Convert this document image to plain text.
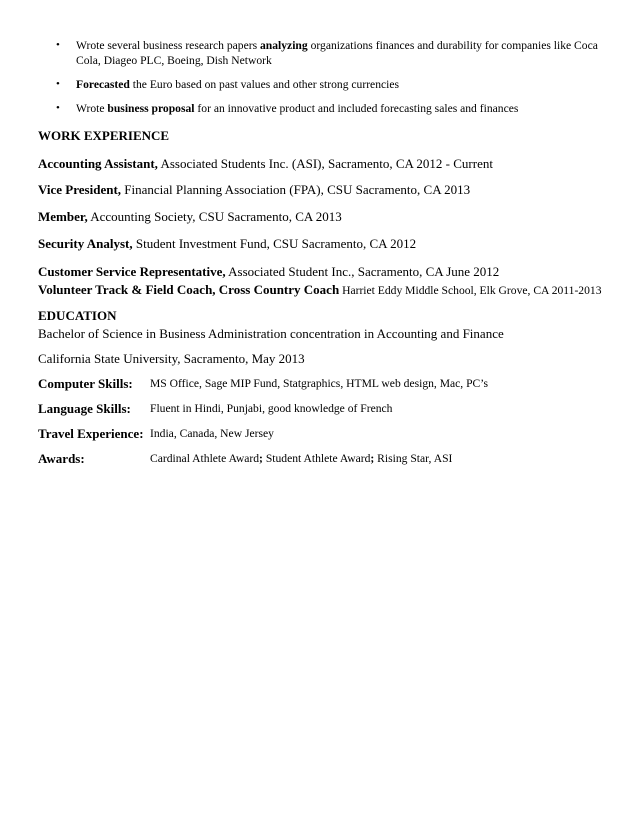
• Wrote several business research papers analyzing organizations finances and durability for companies like Coca Cola, Diageo PLC, Boeing, Dish Network
• Forecasted the Euro based on past values and other strong currencies
• Wrote business proposal for an innovative product and included forecasting sales and finances
WORK EXPERIENCE
Accounting Assistant, Associated Students Inc. (ASI), Sacramento, CA 2012 - Current
Vice President, Financial Planning Association (FPA), CSU Sacramento, CA 2013
Member, Accounting Society, CSU Sacramento, CA 2013
Security Analyst, Student Investment Fund, CSU Sacramento, CA 2012
Customer Service Representative, Associated Student Inc., Sacramento, CA June 2012
Volunteer Track & Field Coach, Cross Country Coach Harriet Eddy Middle School, Elk Grove, CA 2011-2013
EDUCATION
Bachelor of Science in Business Administration concentration in Accounting and Finance
California State University, Sacramento, May 2013
Computer Skills: MS Office, Sage MIP Fund, Statgraphics, HTML web design, Mac, PC’s
Language Skills: Fluent in Hindi, Punjabi, good knowledge of French
Travel Experience: India, Canada, New Jersey
Awards:	Cardinal Athlete Award; Student Athlete Award; Rising Star, ASI
